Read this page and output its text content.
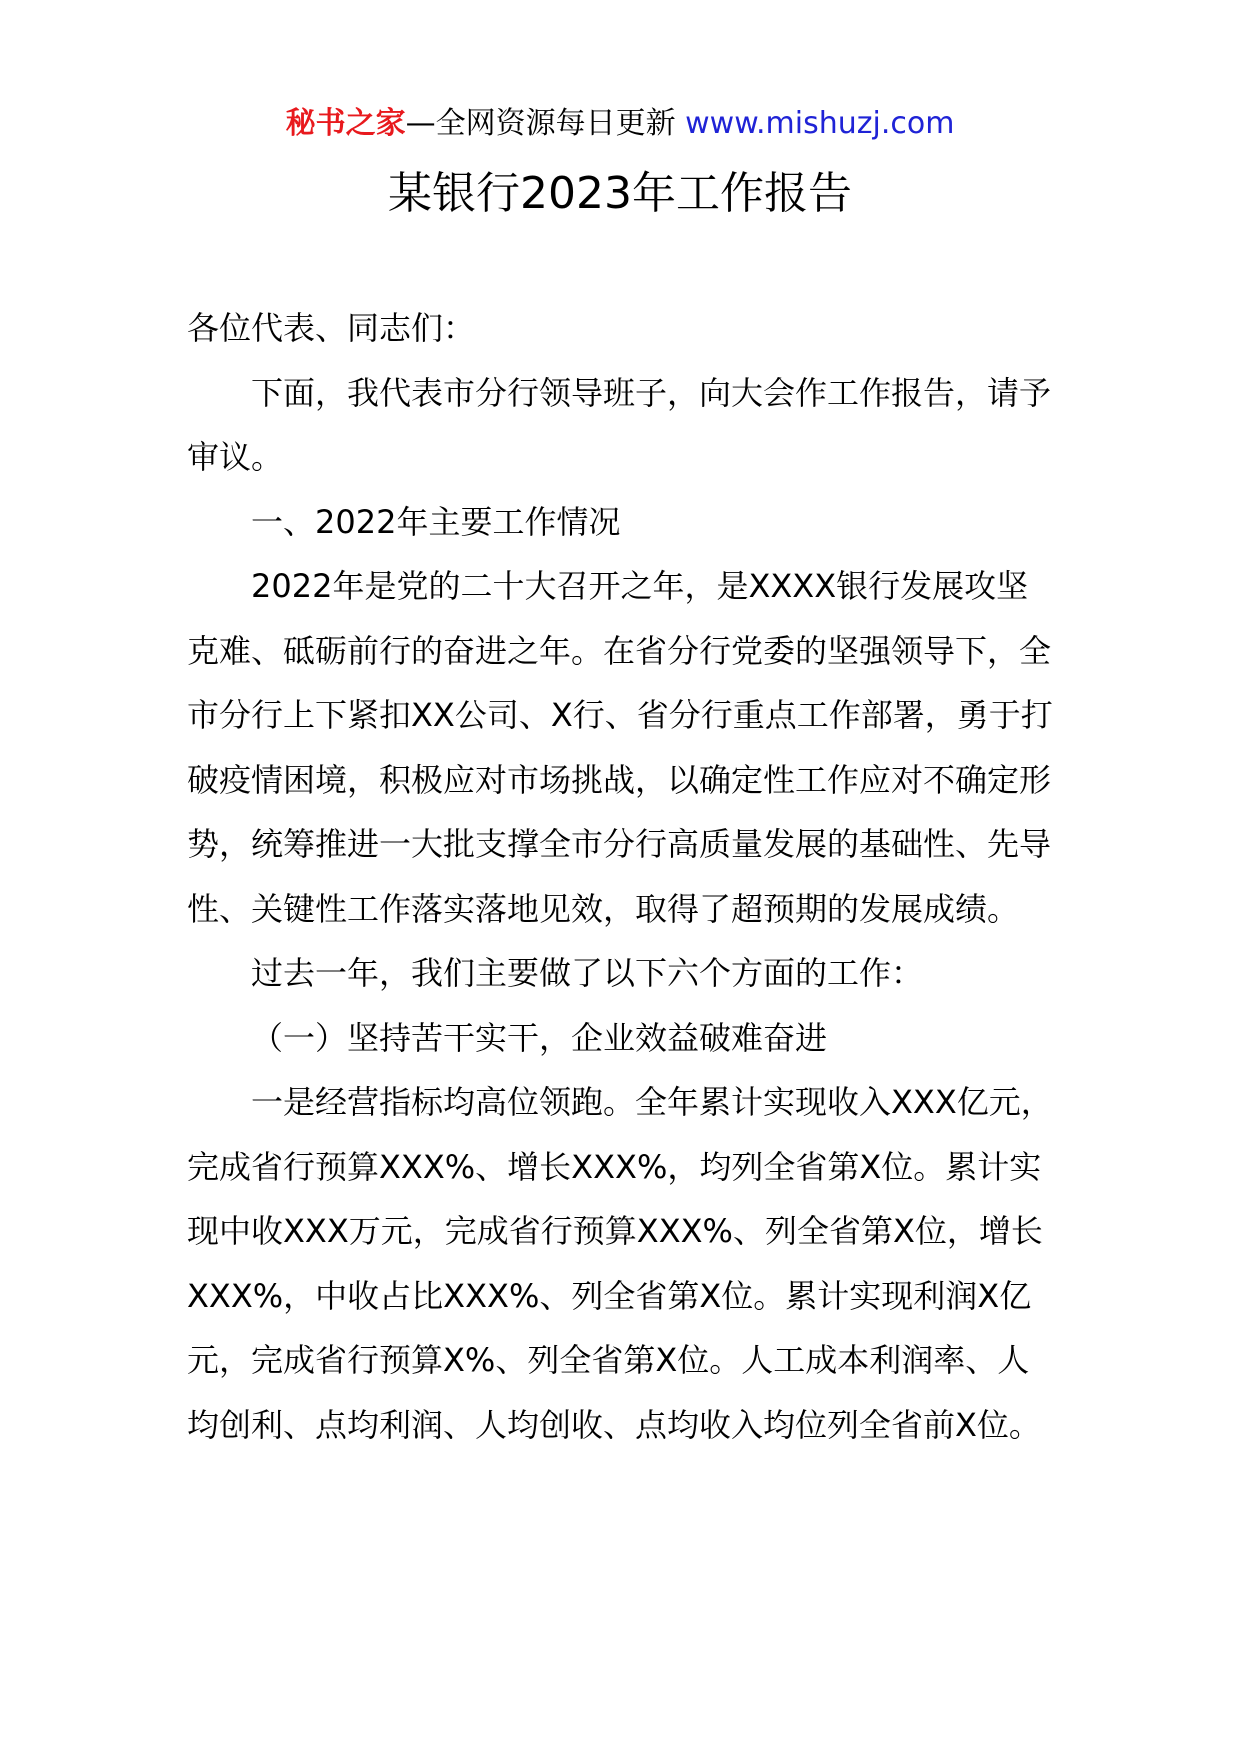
秘书之家—全网资源每日更新 www.mishuzj.com
某银行2023年工作报告

各位代表、同志们：

下面，我代表市分行领导班子，向大会作工作报告，请予审议。

一、2022年主要工作情况

2022年是党的二十大召开之年，是XXXX银行发展攻坚克难、砥砺前行的奋进之年。在省分行党委的坚强领导下，全市分行上下紧扣XX公司、X行、省分行重点工作部署，勇于打破疫情困境，积极应对市场挑战，以确定性工作应对不确定形势，统筹推进一大批支撑全市分行高质量发展的基础性、先导性、关键性工作落实落地见效，取得了超预期的发展成绩。

过去一年，我们主要做了以下六个方面的工作：

（一）坚持苦干实干，企业效益破难奋进

一是经营指标均高位领跑。全年累计实现收入XXX亿元，完成省行预算XXX%、增长XXX%，均列全省第X位。累计实现中收XXX万元，完成省行预算XXX%、列全省第X位，增长XXX%，中收占比XXX%、列全省第X位。累计实现利润X亿元，完成省行预算X%、列全省第X位。人工成本利润率、人均创利、点均利润、人均创收、点均收入均位列全省前X位。
